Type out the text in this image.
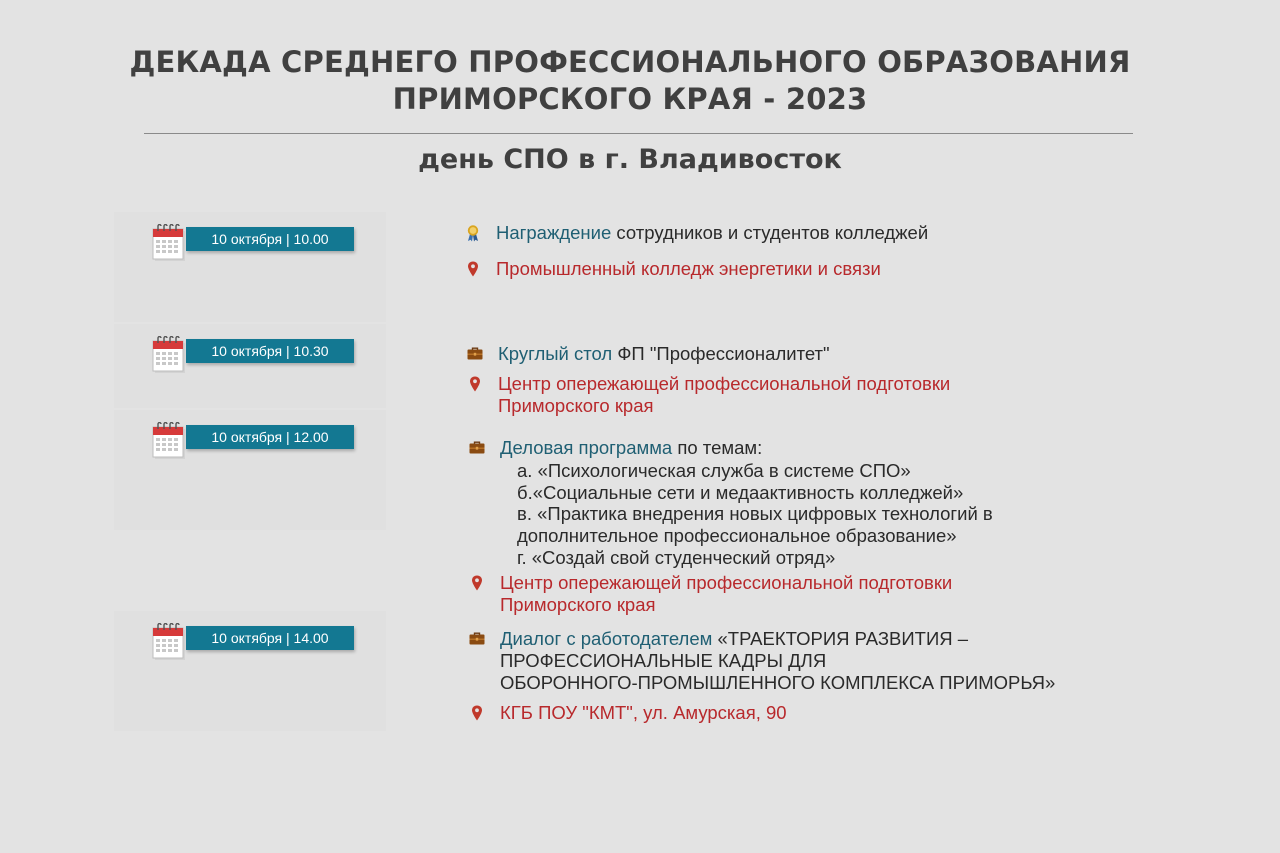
ДЕКАДА СРЕДНЕГО ПРОФЕССИОНАЛЬНОГО ОБРАЗОВАНИЯ
ПРИМОРСКОГО КРАЯ - 2023
день СПО в г. Владивосток
10 октября | 10.00	Награждение сотрудников и студентов колледжей
Промышленный колледж энергетики и связи
10 октября | 10.30	Круглый стол ФП "Профессионалитет"
Центр опережающей профессиональной подготовки
Приморского края
10 октября | 12.00	Деловая программа по темам:
а. «Психологическая служба в системе СПО»
б.«Социальные сети и медаактивность колледжей»
в. «Практика внедрения новых цифровых технологий в
дополнительное профессиональное образование»
г. «Создай свой студенческий отряд»
Центр опережающей профессиональной подготовки
Приморского края
10 октября | 14.00	Диалог с работодателем «ТРАЕКТОРИЯ РАЗВИТИЯ –
ПРОФЕССИОНАЛЬНЫЕ КАДРЫ ДЛЯ
ОБОРОННОГО-ПРОМЫШЛЕННОГО КОМПЛЕКСА ПРИМОРЬЯ»
КГБ ПОУ "КМТ", ул. Амурская, 90
